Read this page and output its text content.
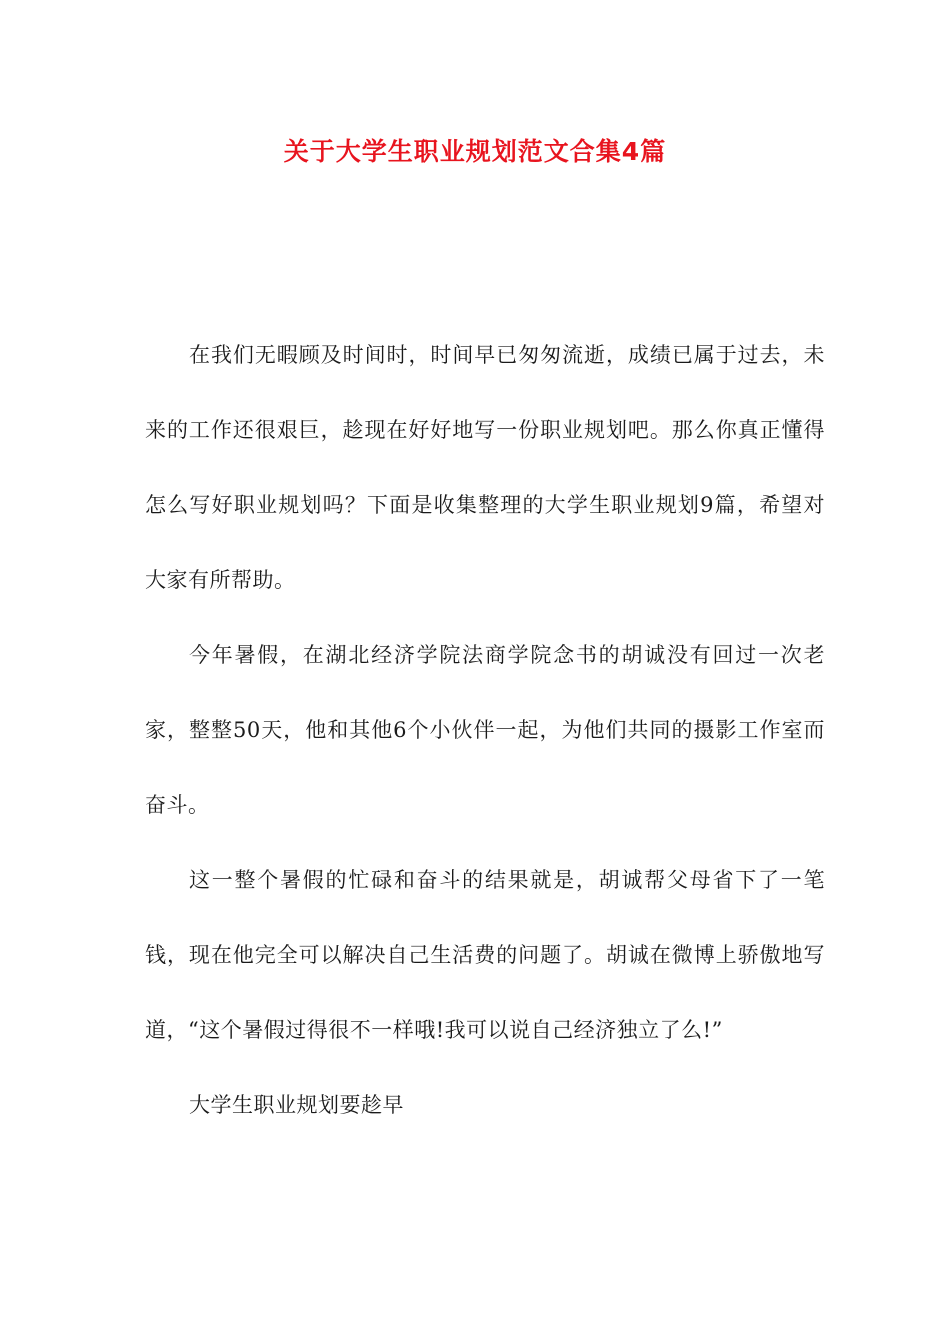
关于大学生职业规划范文合集4篇

在我们无暇顾及时间时，时间早已匆匆流逝，成绩已属于过去，未来的工作还很艰巨，趁现在好好地写一份职业规划吧。那么你真正懂得怎么写好职业规划吗？下面是收集整理的大学生职业规划9篇，希望对大家有所帮助。

今年暑假，在湖北经济学院法商学院念书的胡诚没有回过一次老家，整整50天，他和其他6个小伙伴一起，为他们共同的摄影工作室而奋斗。

这一整个暑假的忙碌和奋斗的结果就是，胡诚帮父母省下了一笔钱，现在他完全可以解决自己生活费的问题了。胡诚在微博上骄傲地写道，“这个暑假过得很不一样哦!我可以说自己经济独立了么!”

大学生职业规划要趁早
